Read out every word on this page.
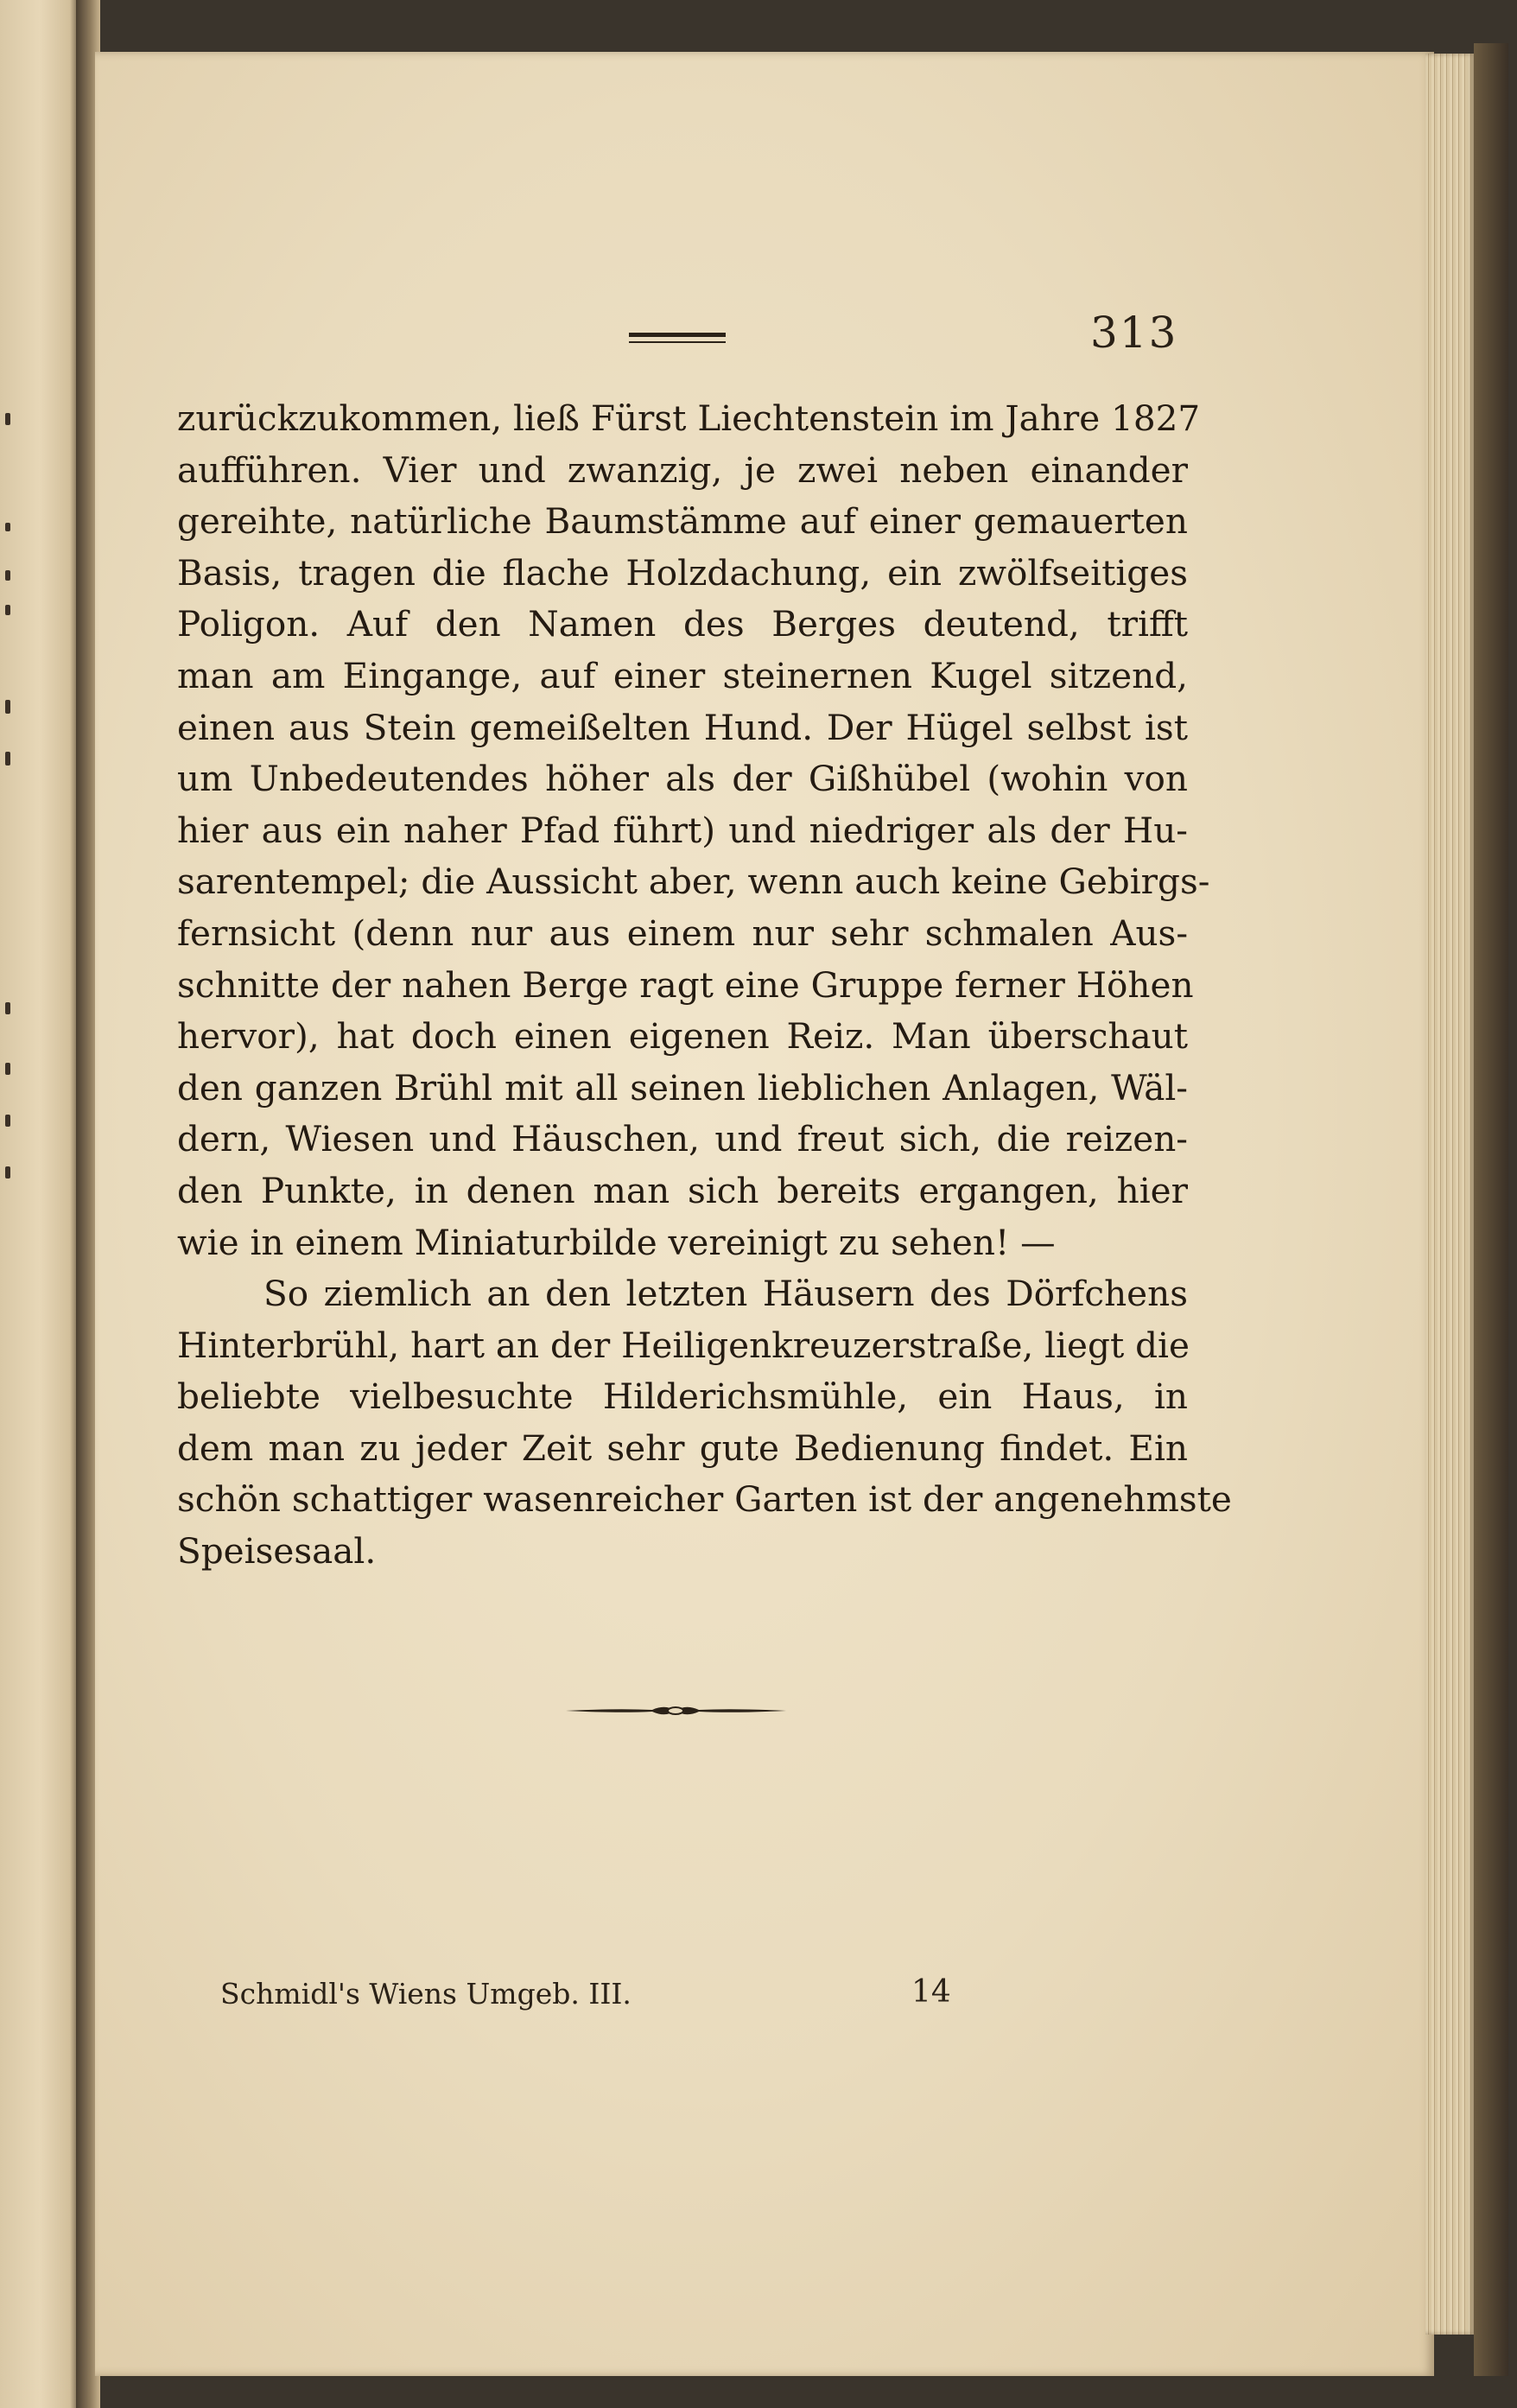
313
zurückzukommen, ließ Fürst Liechtenstein im Jahre 1827
aufführen. Vier und zwanzig, je zwei neben einander
gereihte, natürliche Baumstämme auf einer gemauerten
Basis, tragen die flache Holzdachung, ein zwölfseitiges
Poligon. Auf den Namen des Berges deutend, trifft
man am Eingange, auf einer steinernen Kugel sitzend,
einen aus Stein gemeißelten Hund. Der Hügel selbst ist
um Unbedeutendes höher als der Gißhübel (wohin von
hier aus ein naher Pfad führt) und niedriger als der Hu-
sarentempel; die Aussicht aber, wenn auch keine Gebirgs-
fernsicht (denn nur aus einem nur sehr schmalen Aus-
schnitte der nahen Berge ragt eine Gruppe ferner Höhen
hervor), hat doch einen eigenen Reiz. Man überschaut
den ganzen Brühl mit all seinen lieblichen Anlagen, Wäl-
dern, Wiesen und Häuschen, und freut sich, die reizen-
den Punkte, in denen man sich bereits ergangen, hier
wie in einem Miniaturbilde vereinigt zu sehen! —
So ziemlich an den letzten Häusern des Dörfchens
Hinterbrühl, hart an der Heiligenkreuzerstraße, liegt die
beliebte vielbesuchte Hilderichsmühle, ein Haus, in
dem man zu jeder Zeit sehr gute Bedienung findet. Ein
schön schattiger wasenreicher Garten ist der angenehmste
Speisesaal.
Schmidl's Wiens Umgeb. III.	14
